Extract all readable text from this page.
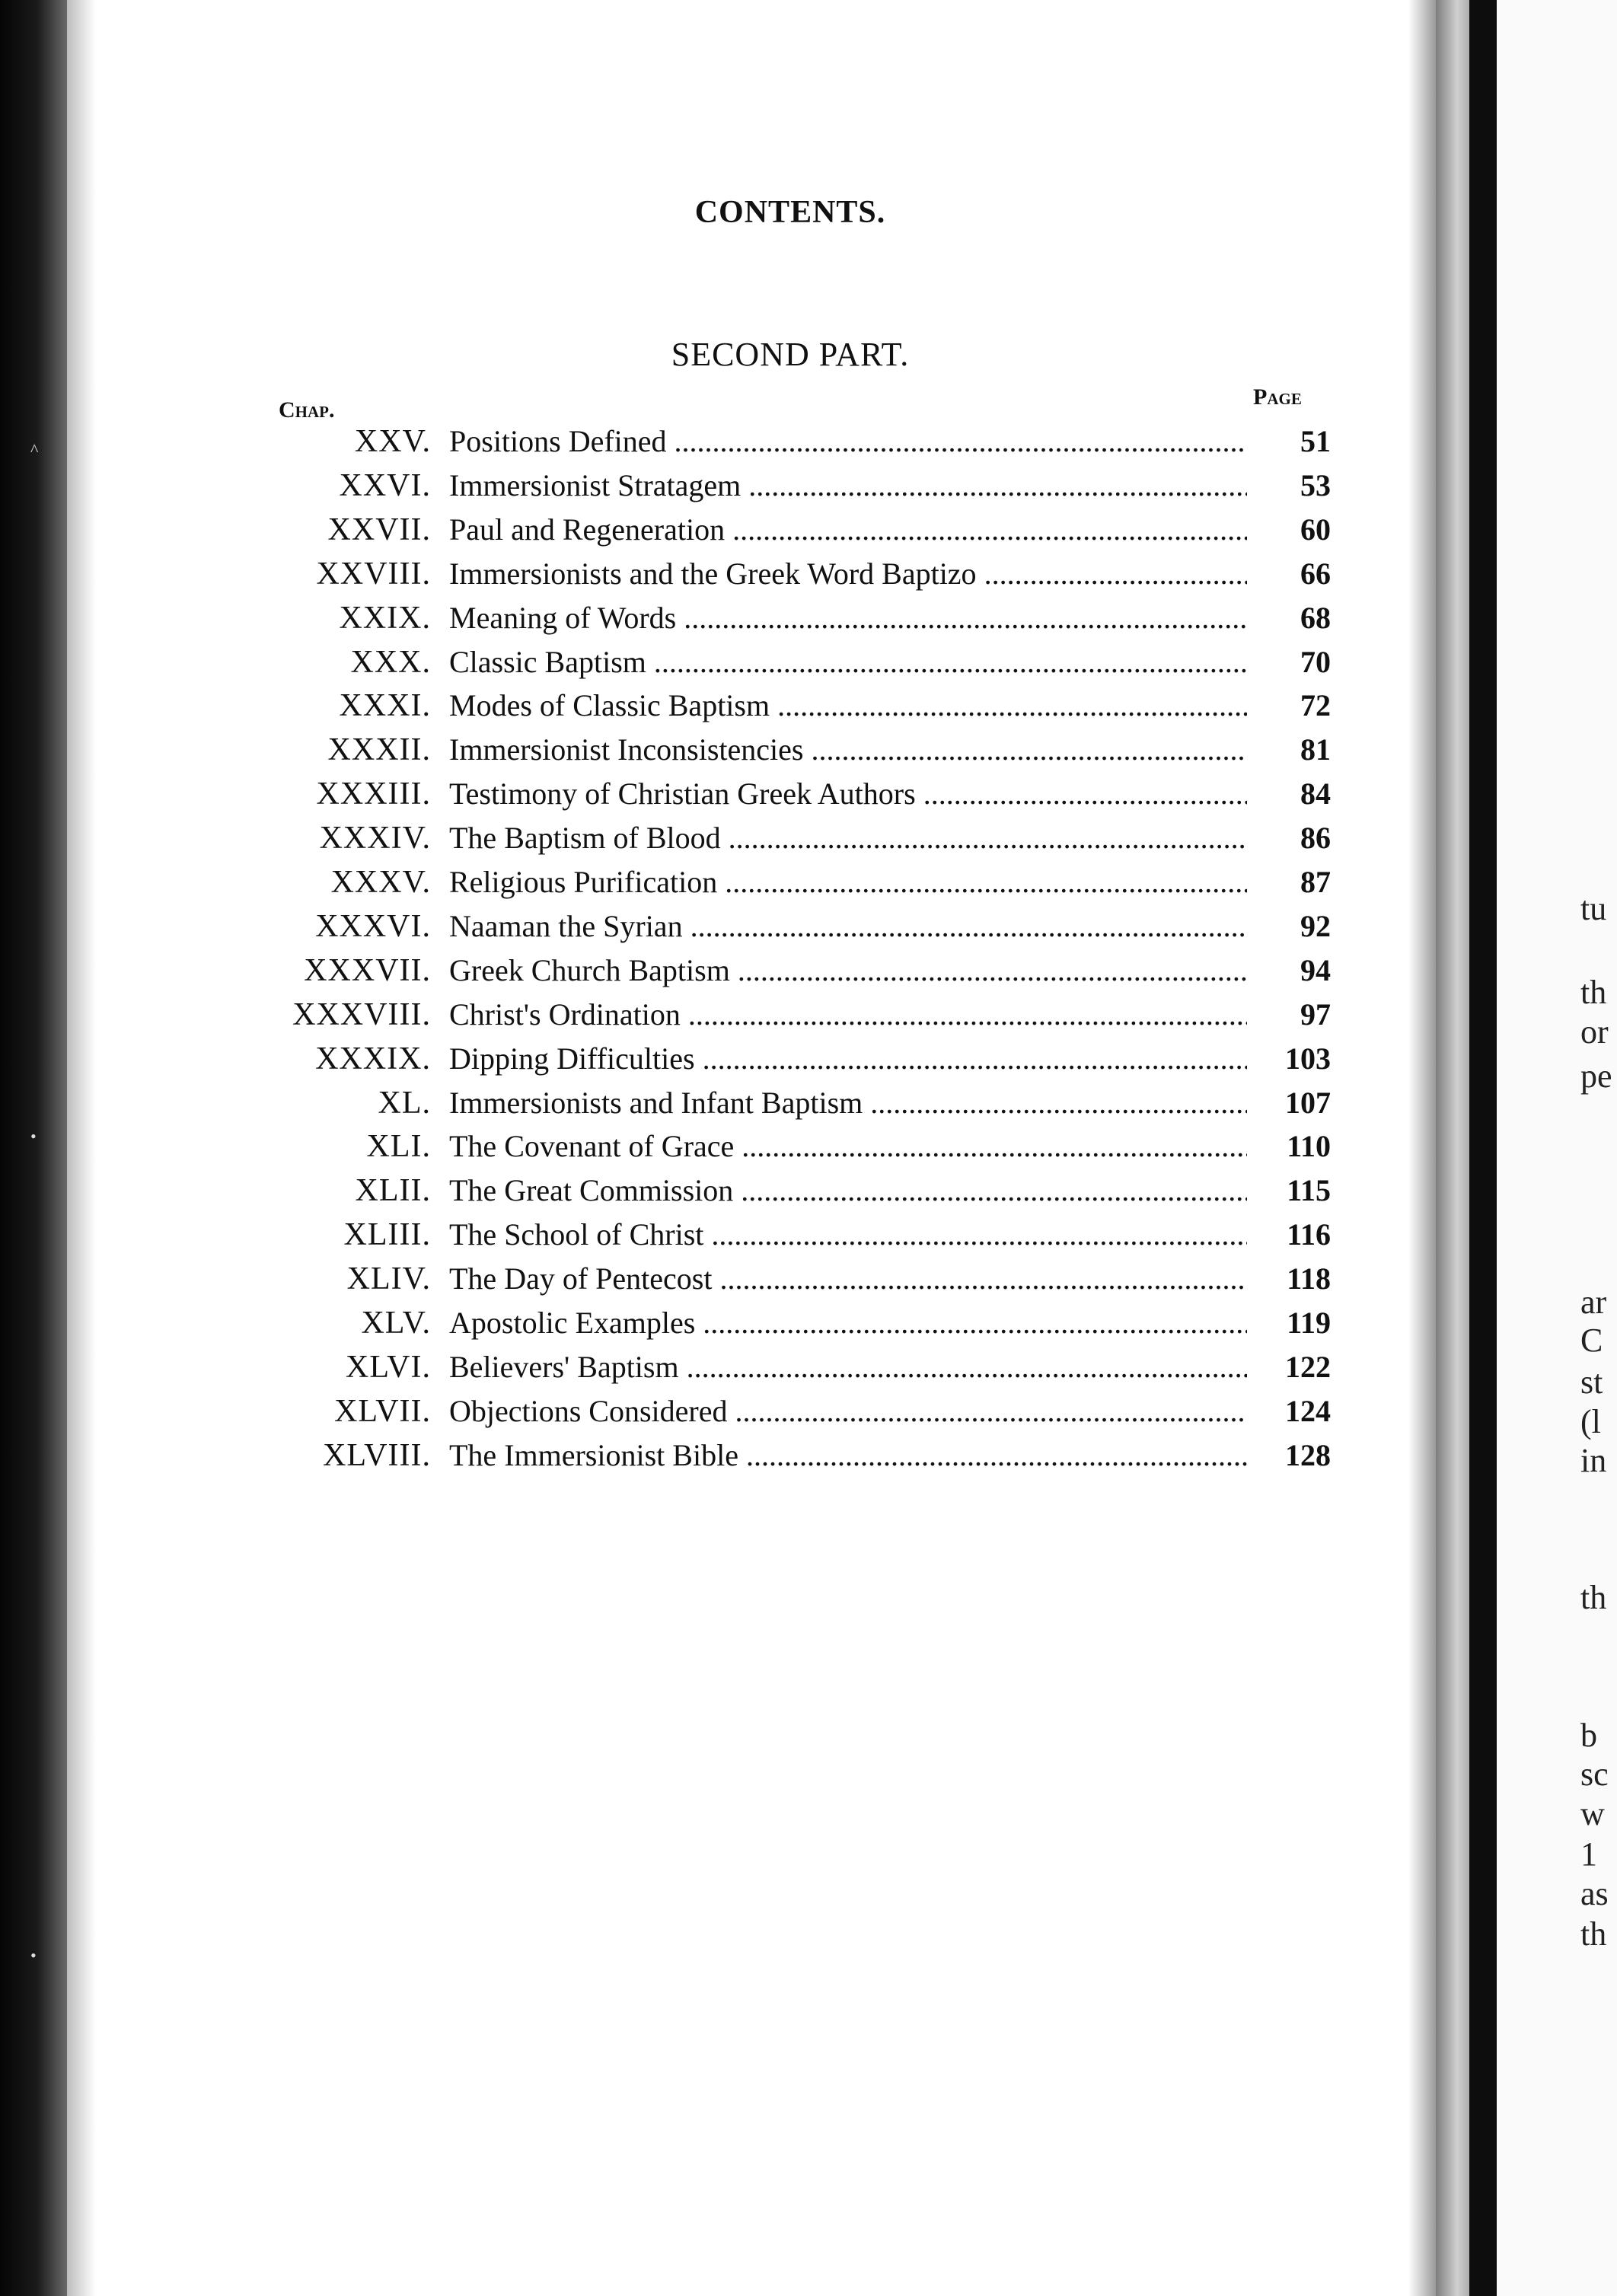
^
•
•
CONTENTS.
SECOND PART.
Chap.
Page
XXV. Positions Defined .....	51
XXVI. Immersionist Stratagem .....	53
XXVII. Paul and Regeneration .....	60
XXVIII. Immersionists and the Greek Word Baptizo .....	66
XXIX. Meaning of Words .....	68
XXX. Classic Baptism .....	70
XXXI. Modes of Classic Baptism .....	72
XXXII. Immersionist Inconsistencies .....	81
XXXIII. Testimony of Christian Greek Authors .....	84
XXXIV. The Baptism of Blood .....	86
XXXV. Religious Purification .....	87
XXXVI. Naaman the Syrian .....	92
XXXVII. Greek Church Baptism .....	94
XXXVIII. Christ's Ordination .....	97
XXXIX. Dipping Difficulties .....	103
XL. Immersionists and Infant Baptism .....	107
XLI. The Covenant of Grace .....	110
XLII. The Great Commission .....	115
XLIII. The School of Christ .....	116
XLIV. The Day of Pentecost .....	118
XLV. Apostolic Examples .....	119
XLVI. Believers' Baptism .....	122
XLVII. Objections Considered .....	124
XLVIII. The Immersionist Bible .....	128
tu
th
or
pe
ar
C
st
(l
in
th
b
sc
w
1
as
th
